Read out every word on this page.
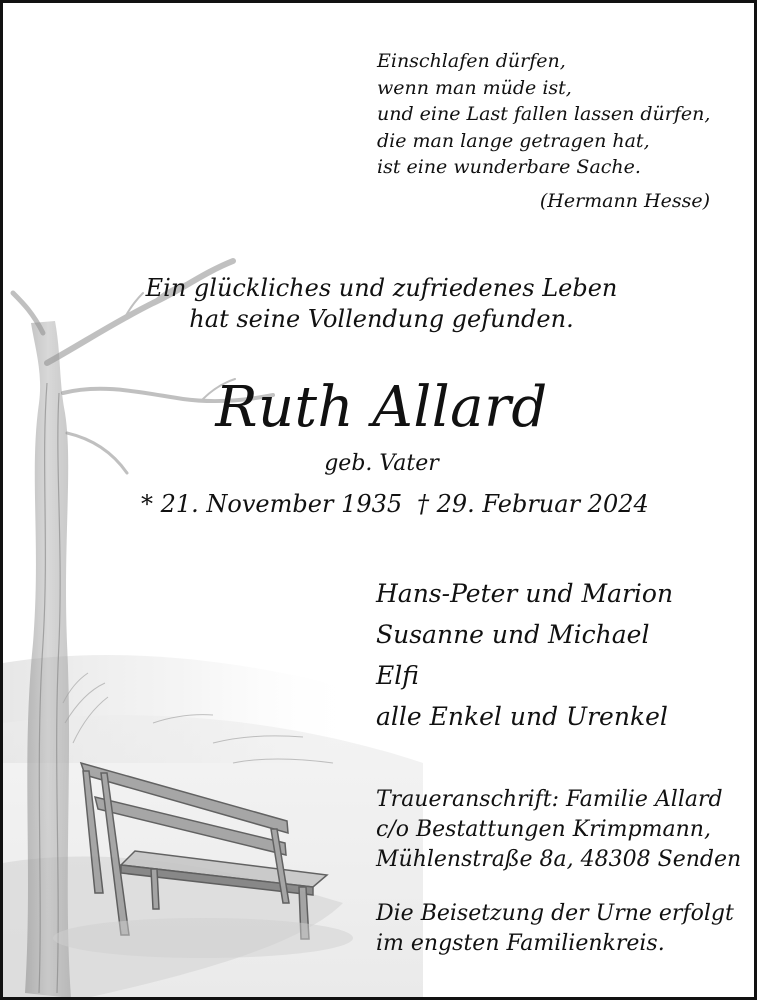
Einschlafen dürfen,
wenn man müde ist,
und eine Last fallen lassen dürfen,
die man lange getragen hat,
ist eine wunderbare Sache.
(Hermann Hesse)
Ein glückliches und zufriedenes Leben
hat seine Vollendung gefunden.
Ruth Allard
geb. Vater
* 21. November 1935 † 29. Februar 2024
Hans-Peter und Marion
Susanne und Michael
Elfi
alle Enkel und Urenkel
Traueranschrift: Familie Allard
c/o Bestattungen Krimpmann,
Mühlenstraße 8a, 48308 Senden
Die Beisetzung der Urne erfolgt
im engsten Familienkreis.
